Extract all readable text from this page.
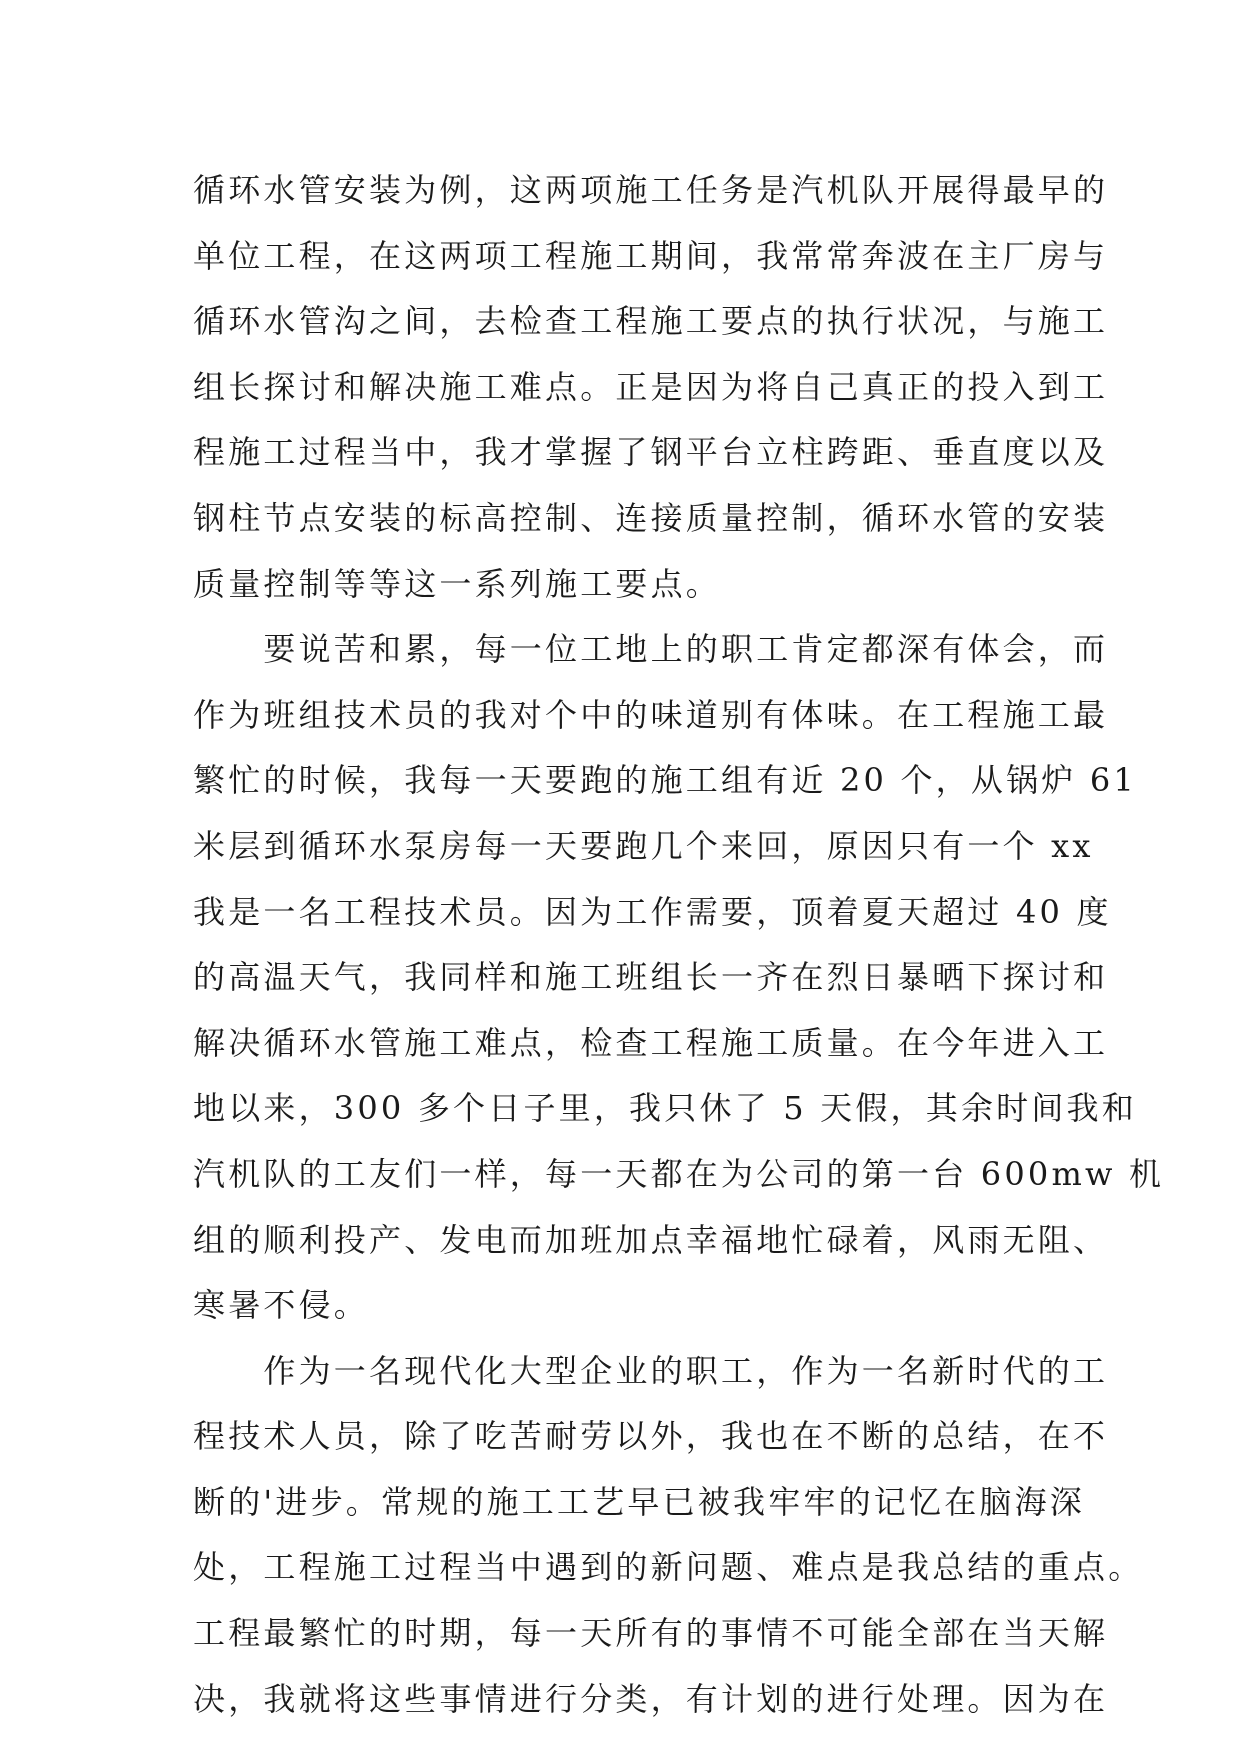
循环水管安装为例，这两项施工任务是汽机队开展得最早的
单位工程，在这两项工程施工期间，我常常奔波在主厂房与
循环水管沟之间，去检查工程施工要点的执行状况，与施工
组长探讨和解决施工难点。正是因为将自己真正的投入到工
程施工过程当中，我才掌握了钢平台立柱跨距、垂直度以及
钢柱节点安装的标高控制、连接质量控制，循环水管的安装
质量控制等等这一系列施工要点。
　　要说苦和累，每一位工地上的职工肯定都深有体会，而
作为班组技术员的我对个中的味道别有体味。在工程施工最
繁忙的时候，我每一天要跑的施工组有近 20 个，从锅炉 61
米层到循环水泵房每一天要跑几个来回，原因只有一个 xx
我是一名工程技术员。因为工作需要，顶着夏天超过 40 度
的高温天气，我同样和施工班组长一齐在烈日暴晒下探讨和
解决循环水管施工难点，检查工程施工质量。在今年进入工
地以来，300 多个日子里，我只休了 5 天假，其余时间我和
汽机队的工友们一样，每一天都在为公司的第一台 600mw 机
组的顺利投产、发电而加班加点幸福地忙碌着，风雨无阻、
寒暑不侵。
　　作为一名现代化大型企业的职工，作为一名新时代的工
程技术人员，除了吃苦耐劳以外，我也在不断的总结，在不
断的'进步。常规的施工工艺早已被我牢牢的记忆在脑海深
处，工程施工过程当中遇到的新问题、难点是我总结的重点。
工程最繁忙的时期，每一天所有的事情不可能全部在当天解
决，我就将这些事情进行分类，有计划的进行处理。因为在
